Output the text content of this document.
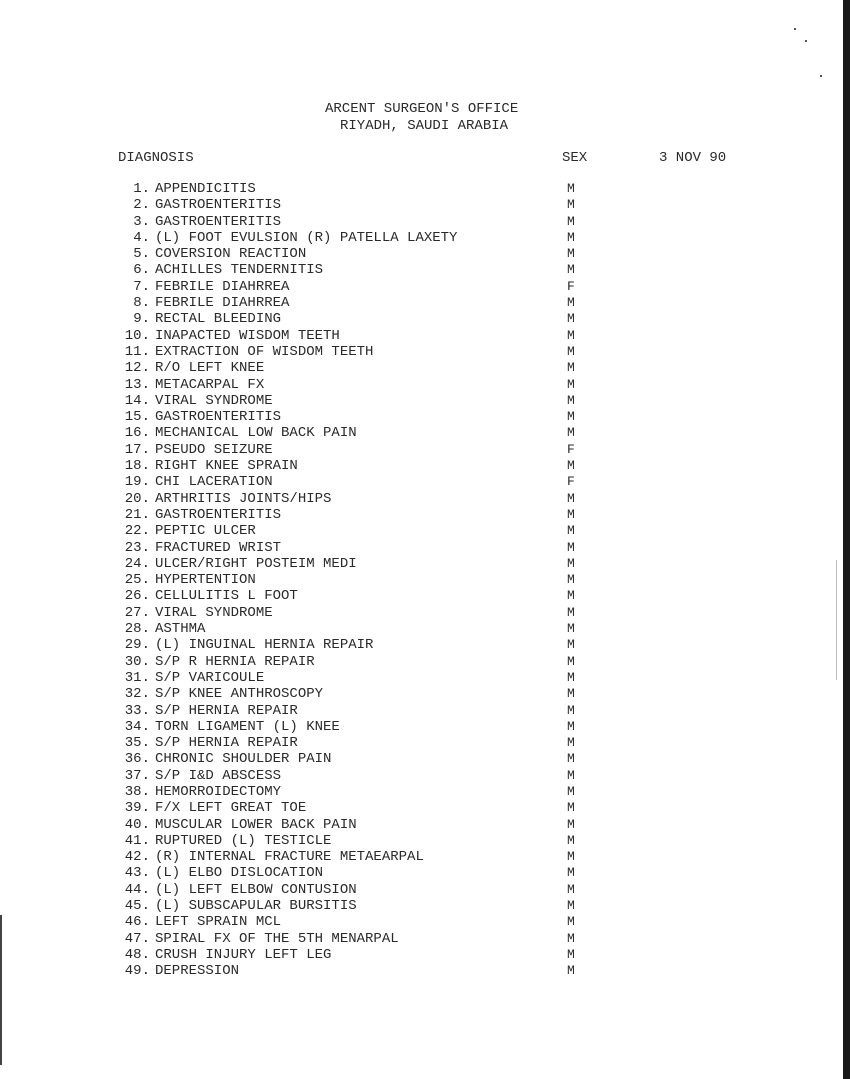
ARCENT SURGEON'S OFFICE
RIYADH, SAUDI ARABIA
DIAGNOSIS	SEX	3 NOV 90
1. APPENDICITIS	M
2. GASTROENTERITIS	M
3. GASTROENTERITIS	M
4. (L) FOOT EVULSION (R) PATELLA LAXETY	M
5. COVERSION REACTION	M
6. ACHILLES TENDERNITIS	M
7. FEBRILE DIAHRREA	F
8. FEBRILE DIAHRREA	M
9. RECTAL BLEEDING	M
10. INAPACTED WISDOM TEETH	M
11. EXTRACTION OF WISDOM TEETH	M
12. R/O LEFT KNEE	M
13. METACARPAL FX	M
14. VIRAL SYNDROME	M
15. GASTROENTERITIS	M
16. MECHANICAL LOW BACK PAIN	M
17. PSEUDO SEIZURE	F
18. RIGHT KNEE SPRAIN	M
19. CHI LACERATION	F
20. ARTHRITIS JOINTS/HIPS	M
21. GASTROENTERITIS	M
22. PEPTIC ULCER	M
23. FRACTURED WRIST	M
24. ULCER/RIGHT POSTEIM MEDI	M
25. HYPERTENTION	M
26. CELLULITIS L FOOT	M
27. VIRAL SYNDROME	M
28. ASTHMA	M
29. (L) INGUINAL HERNIA REPAIR	M
30. S/P R HERNIA REPAIR	M
31. S/P VARICOULE	M
32. S/P KNEE ANTHROSCOPY	M
33. S/P HERNIA REPAIR	M
34. TORN LIGAMENT (L) KNEE	M
35. S/P HERNIA REPAIR	M
36. CHRONIC SHOULDER PAIN	M
37. S/P I&D ABSCESS	M
38. HEMORROIDECTOMY	M
39. F/X LEFT GREAT TOE	M
40. MUSCULAR LOWER BACK PAIN	M
41. RUPTURED (L) TESTICLE	M
42. (R) INTERNAL FRACTURE METAEARPAL	M
43. (L) ELBO DISLOCATION	M
44. (L) LEFT ELBOW CONTUSION	M
45. (L) SUBSCAPULAR BURSITIS	M
46. LEFT SPRAIN MCL	M
47. SPIRAL FX OF THE 5TH MENARPAL	M
48. CRUSH INJURY LEFT LEG	M
49. DEPRESSION	M
